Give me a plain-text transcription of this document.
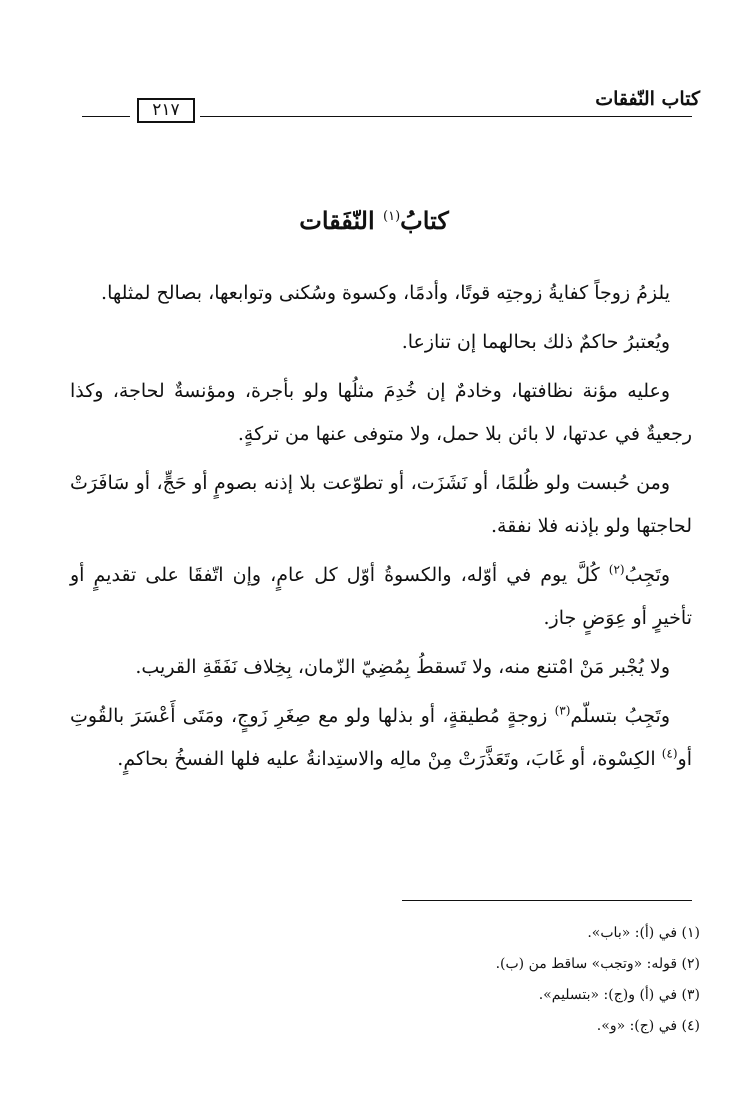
كتاب النّفقات
٢١٧
كتابُ$^{(١)}$ النّفَقات

يلزمُ زوجاً كفايةُ زوجتِه قوتًا، وأدمًا، وكسوة وسُكنى وتوابعها، بصالح لمثلها.

ويُعتبرُ حاكمٌ ذلك بحالهما إن تنازعا.

وعليه مؤنة نظافتها، وخادمٌ إن خُدِمَ مثلُها ولو بأجرة، ومؤنسةٌ لحاجة، وكذا رجعيةٌ في عدتها، لا بائن بلا حمل، ولا متوفى عنها من تركةٍ.

ومن حُبست ولو ظُلمًا، أو نَشَزَت، أو تطوّعت بلا إذنه بصومٍ أو حَجٍّ، أو سَافَرَتْ لحاجتها ولو بإذنه فلا نفقة.

وتَجِبُ$^{(٢)}$ كُلَّ يوم في أوّله، والكسوةُ أوّل كل عامٍ، وإن اتّفقَا على تقديمٍ أو تأخيرٍ أو عِوَضٍ جاز.

ولا يُجْبر مَنْ امْتنع منه، ولا تَسقطُ بِمُضِيّ الزّمان، بِخِلاف نَفَقَةِ القريب.

وتَجِبُ بتسلّم$^{(٣)}$ زوجةٍ مُطيقةٍ، أو بذلها ولو مع صِغَرِ زَوجٍ، ومَتَى أَعْسَرَ بالقُوتِ أو$^{(٤)}$ الكِسْوة، أو غَابَ، وتَعَذَّرَتْ مِنْ مالِه والاستِدانةُ عليه فلها الفسخُ بحاكمٍ.

(١) في (أ): «باب».
(٢) قوله: «وتجب» ساقط من (ب).
(٣) في (أ) و(ج): «بتسليم».
(٤) في (ج): «و».
